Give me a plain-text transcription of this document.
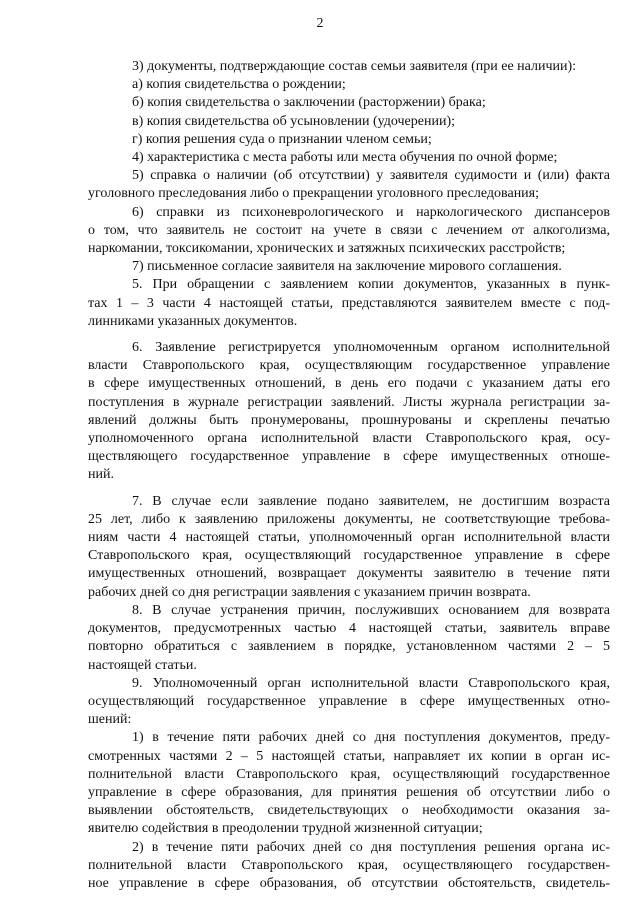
2
3) документы, подтверждающие состав семьи заявителя (при ее наличии):
а) копия свидетельства о рождении;
б) копия свидетельства о заключении (расторжении) брака;
в) копия свидетельства об усыновлении (удочерении);
г) копия решения суда о признании членом семьи;
4) характеристика с места работы или места обучения по очной форме;
5) справка о наличии (об отсутствии) у заявителя судимости и (или) факта
уголовного преследования либо о прекращении уголовного преследования;
6) справки из психоневрологического и наркологического диспансеров
о том, что заявитель не состоит на учете в связи с лечением от алкоголизма,
наркомании, токсикомании, хронических и затяжных психических расстройств;
7) письменное согласие заявителя на заключение мирового соглашения.
5. При обращении с заявлением копии документов, указанных в пунк-
тах 1 – 3 части 4 настоящей статьи, представляются заявителем вместе с под-
линниками указанных документов.
6. Заявление регистрируется уполномоченным органом исполнительной
власти Ставропольского края, осуществляющим государственное управление
в сфере имущественных отношений, в день его подачи с указанием даты его
поступления в журнале регистрации заявлений. Листы журнала регистрации за-
явлений должны быть пронумерованы, прошнурованы и скреплены печатью
уполномоченного органа исполнительной власти Ставропольского края, осу-
ществляющего государственное управление в сфере имущественных отноше-
ний.
7. В случае если заявление подано заявителем, не достигшим возраста
25 лет, либо к заявлению приложены документы, не соответствующие требова-
ниям части 4 настоящей статьи, уполномоченный орган исполнительной власти
Ставропольского края, осуществляющий государственное управление в сфере
имущественных отношений, возвращает документы заявителю в течение пяти
рабочих дней со дня регистрации заявления с указанием причин возврата.
8. В случае устранения причин, послуживших основанием для возврата
документов, предусмотренных частью 4 настоящей статьи, заявитель вправе
повторно обратиться с заявлением в порядке, установленном частями 2 – 5
настоящей статьи.
9. Уполномоченный орган исполнительной власти Ставропольского края,
осуществляющий государственное управление в сфере имущественных отно-
шений:
1) в течение пяти рабочих дней со дня поступления документов, преду-
смотренных частями 2 – 5 настоящей статьи, направляет их копии в орган ис-
полнительной власти Ставропольского края, осуществляющий государственное
управление в сфере образования, для принятия решения об отсутствии либо о
выявлении обстоятельств, свидетельствующих о необходимости оказания за-
явителю содействия в преодолении трудной жизненной ситуации;
2) в течение пяти рабочих дней со дня поступления решения органа ис-
полнительной власти Ставропольского края, осуществляющего государствен-
ное управление в сфере образования, об отсутствии обстоятельств, свидетель-
